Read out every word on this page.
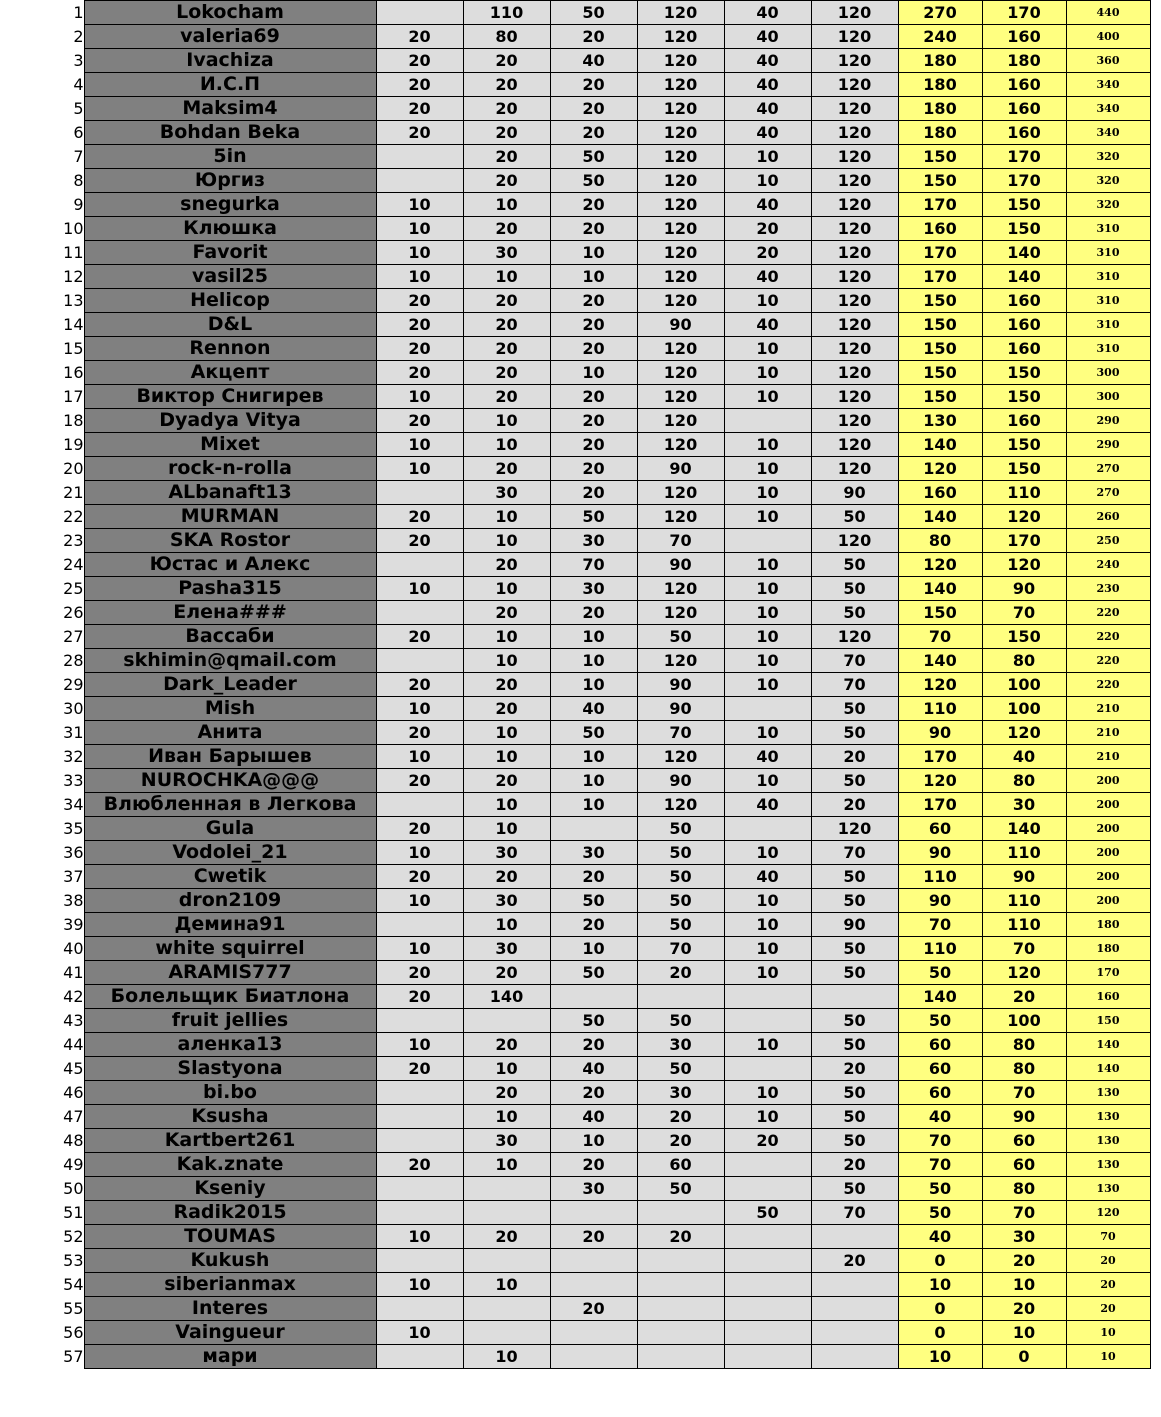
1	Lokocham		110	50	120	40	120	270	170	440
2	valeria69	20	80	20	120	40	120	240	160	400
3	Ivachiza	20	20	40	120	40	120	180	180	360
4	И.С.П	20	20	20	120	40	120	180	160	340
5	Maksim4	20	20	20	120	40	120	180	160	340
6	Bohdan Beka	20	20	20	120	40	120	180	160	340
7	5in		20	50	120	10	120	150	170	320
8	Юргиз		20	50	120	10	120	150	170	320
9	snegurka	10	10	20	120	40	120	170	150	320
10	Клюшка	10	20	20	120	20	120	160	150	310
11	Favorit	10	30	10	120	20	120	170	140	310
12	vasil25	10	10	10	120	40	120	170	140	310
13	Helicop	20	20	20	120	10	120	150	160	310
14	D&L	20	20	20	90	40	120	150	160	310
15	Rennon	20	20	20	120	10	120	150	160	310
16	Акцепт	20	20	10	120	10	120	150	150	300
17	Виктор Снигирев	10	20	20	120	10	120	150	150	300
18	Dyadya Vitya	20	10	20	120		120	130	160	290
19	Mixet	10	10	20	120	10	120	140	150	290
20	rock-n-rolla	10	20	20	90	10	120	120	150	270
21	ALbanaft13		30	20	120	10	90	160	110	270
22	MURMAN	20	10	50	120	10	50	140	120	260
23	SKA Rostor	20	10	30	70		120	80	170	250
24	Юстас и Алекс		20	70	90	10	50	120	120	240
25	Pasha315	10	10	30	120	10	50	140	90	230
26	Елена###		20	20	120	10	50	150	70	220
27	Вассаби	20	10	10	50	10	120	70	150	220
28	skhimin@qmail.com		10	10	120	10	70	140	80	220
29	Dark_Leader	20	20	10	90	10	70	120	100	220
30	Mish	10	20	40	90		50	110	100	210
31	Анита	20	10	50	70	10	50	90	120	210
32	Иван Барышев	10	10	10	120	40	20	170	40	210
33	NUROCHKA@@@	20	20	10	90	10	50	120	80	200
34	Влюбленная в Легкова		10	10	120	40	20	170	30	200
35	Gula	20	10		50		120	60	140	200
36	Vodolei_21	10	30	30	50	10	70	90	110	200
37	Cwetik	20	20	20	50	40	50	110	90	200
38	dron2109	10	30	50	50	10	50	90	110	200
39	Демина91		10	20	50	10	90	70	110	180
40	white squirrel	10	30	10	70	10	50	110	70	180
41	ARAMIS777	20	20	50	20	10	50	50	120	170
42	Болельщик Биатлона	20	140					140	20	160
43	fruit jellies			50	50		50	50	100	150
44	аленка13	10	20	20	30	10	50	60	80	140
45	Slastyona	20	10	40	50		20	60	80	140
46	bi.bo		20	20	30	10	50	60	70	130
47	Ksusha		10	40	20	10	50	40	90	130
48	Kartbert261		30	10	20	20	50	70	60	130
49	Kak.znate	20	10	20	60		20	70	60	130
50	Kseniy			30	50		50	50	80	130
51	Radik2015					50	70	50	70	120
52	TOUMAS	10	20	20	20			40	30	70
53	Kukush						20	0	20	20
54	siberianmax	10	10					10	10	20
55	Interes			20				0	20	20
56	Vaingueur	10						0	10	10
57	мари		10					10	0	10
